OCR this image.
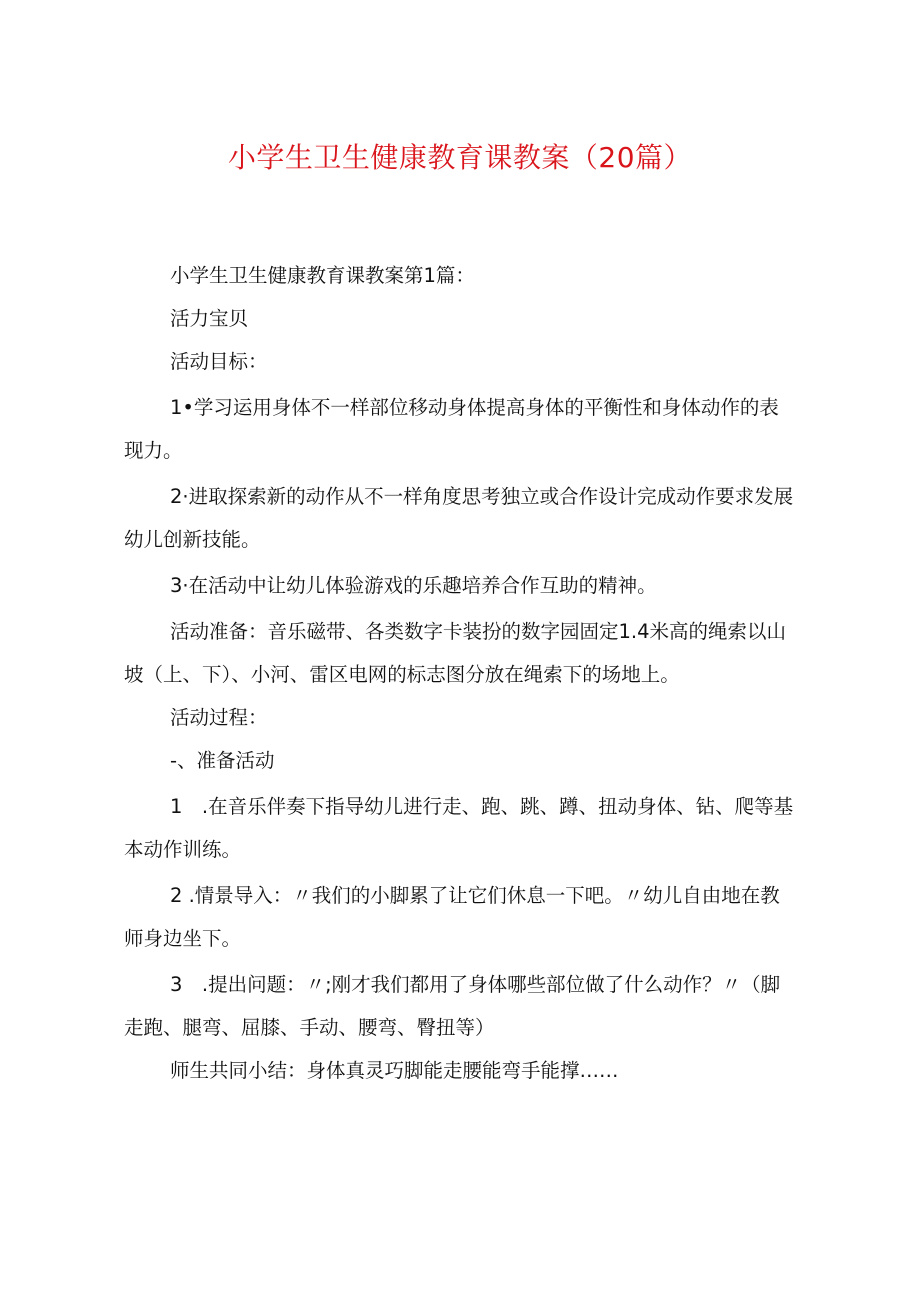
小学生卫生健康教育课教案（20篇）

小学生卫生健康教育课教案第1篇：

活力宝贝

活动目标：

1•学习运用身体不一样部位移动身体提高身体的平衡性和身体动作的表现力。

2·进取探索新的动作从不一样角度思考独立或合作设计完成动作要求发展幼儿创新技能。

3·在活动中让幼儿体验游戏的乐趣培养合作互助的精神。

活动准备：音乐磁带、各类数字卡装扮的数字园固定1.4米高的绳索以山坡（上、下）、小河、雷区电网的标志图分放在绳索下的场地上。

活动过程：

-、准备活动

1　.在音乐伴奏下指导幼儿进行走、跑、跳、蹲、扭动身体、钻、爬等基本动作训练。

2 .情景导入：〃我们的小脚累了让它们休息一下吧。〃幼儿自由地在教师身边坐下。

3　.提出问题：〃;刚才我们都用了身体哪些部位做了什么动作？〃（脚走跑、腿弯、屈膝、手动、腰弯、臀扭等）

师生共同小结：身体真灵巧脚能走腰能弯手能撑……
